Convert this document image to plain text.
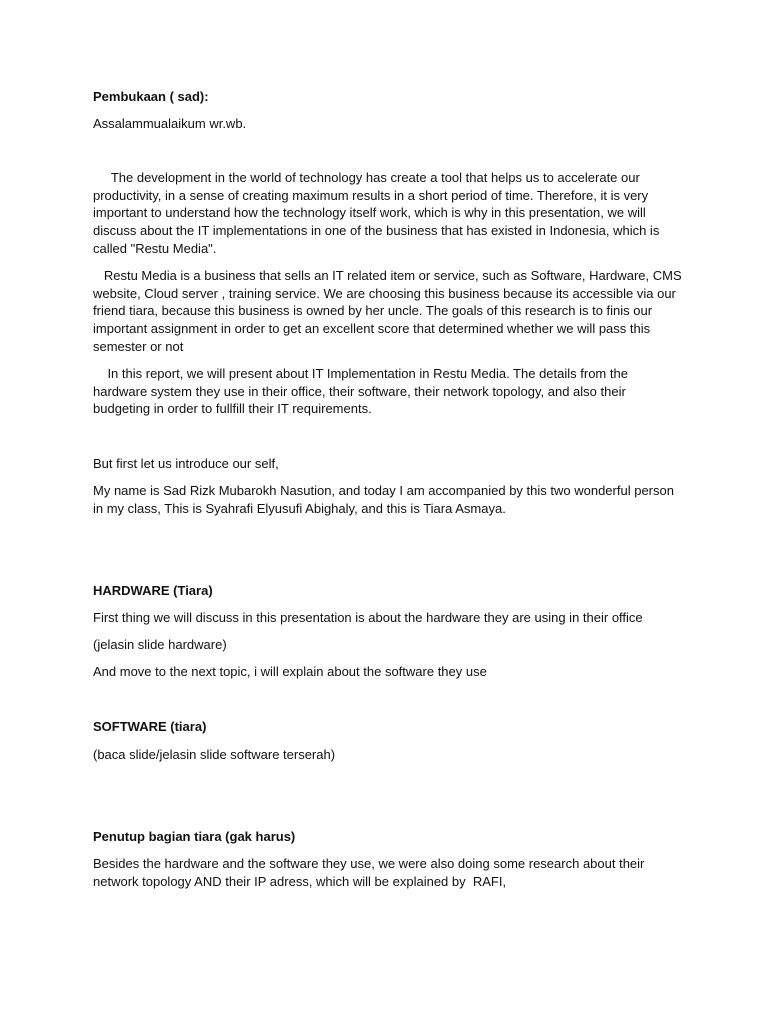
Pembukaan ( sad):

Assalammualaikum wr.wb.

The development in the world of technology has create a tool that helps us to accelerate our

productivity, in a sense of creating maximum results in a short period of time. Therefore, it is very

important to understand how the technology itself work, which is why in this presentation, we will

discuss about the IT implementations in one of the business that has existed in Indonesia, which is

called "Restu Media".

Restu Media is a business that sells an IT related item or service, such as Software, Hardware, CMS

website, Cloud server , training service. We are choosing this business because its accessible via our

friend tiara, because this business is owned by her uncle. The goals of this research is to finis our

important assignment in order to get an excellent score that determined whether we will pass this

semester or not

In this report, we will present about IT Implementation in Restu Media. The details from the

hardware system they use in their office, their software, their network topology, and also their

budgeting in order to fullfill their IT requirements.

But first let us introduce our self,

My name is Sad Rizk Mubarokh Nasution, and today I am accompanied by this two wonderful person

in my class, This is Syahrafi Elyusufi Abighaly, and this is Tiara Asmaya.

HARDWARE (Tiara)

First thing we will discuss in this presentation is about the hardware they are using in their office

(jelasin slide hardware)

And move to the next topic, i will explain about the software they use

SOFTWARE (tiara)

(baca slide/jelasin slide software terserah)

Penutup bagian tiara (gak harus)

Besides the hardware and the software they use, we were also doing some research about their

network topology AND their IP adress, which will be explained by  RAFI,
